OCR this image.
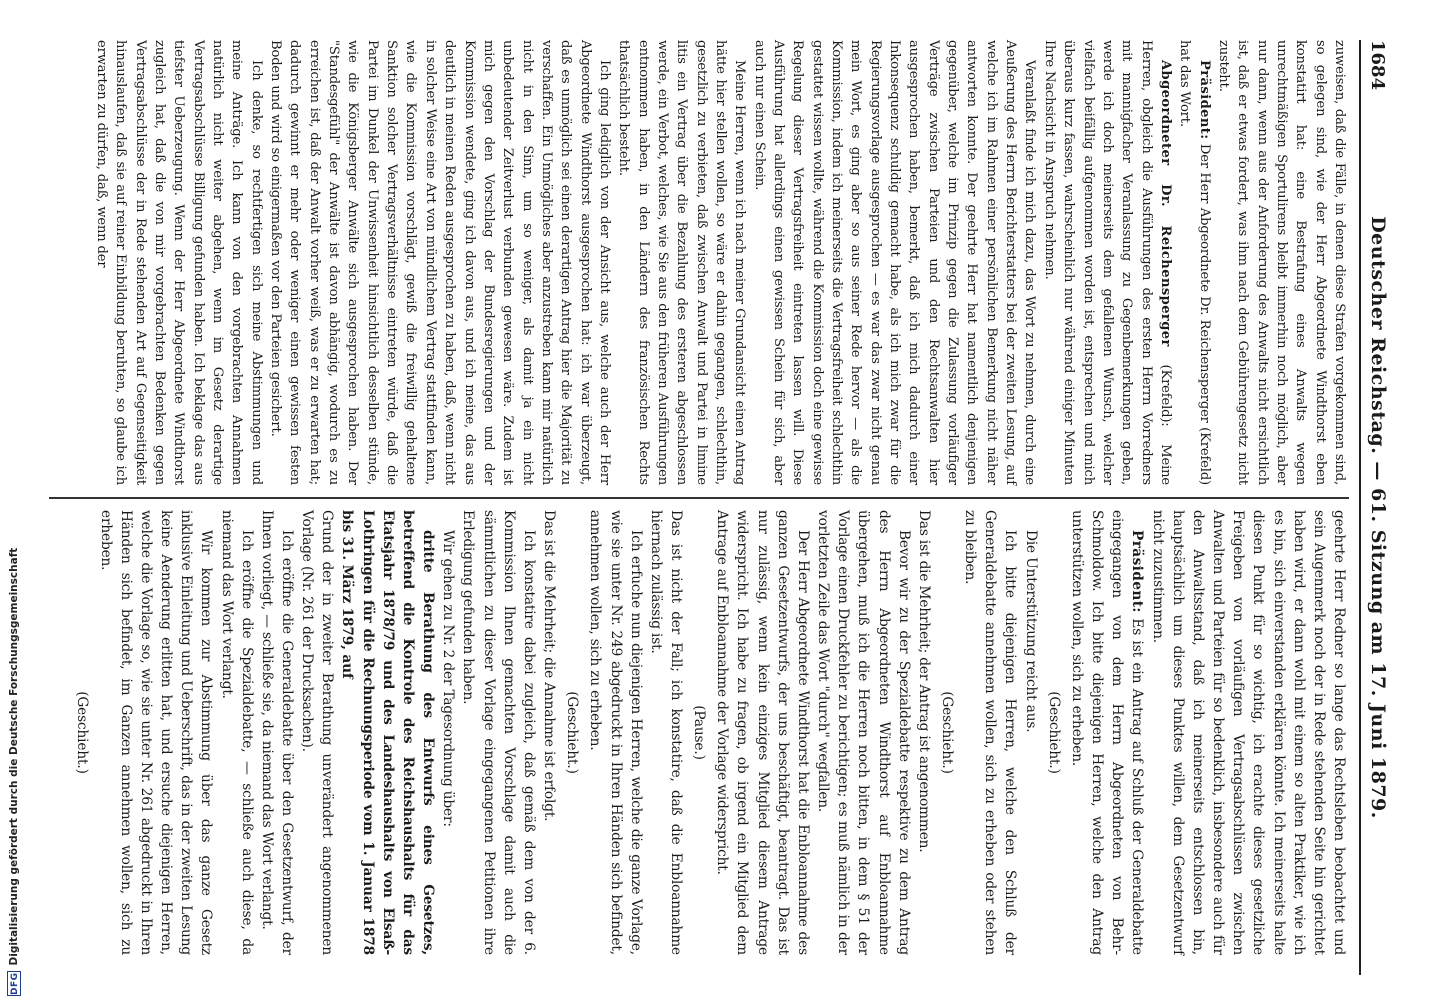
1684
Deutscher Reichstag. — 61. Sitzung am 17. Juni 1879.

zuweisen, daß die Fälle, in denen diese Strafen vorgekommen sind, so gelegen sind, wie der Herr Abgeordnete Windthorst eben konstatirt hat: eine Bestrafung eines Anwalts wegen unrechtmäßigen Sportulirens bleibt immerhin noch möglich, aber nur dann, wenn aus der Anforderung des Anwalts nicht ersichtlich ist, daß er etwas fordert, was ihm nach dem Gebührengesetz nicht zusteht.

Präsident: Der Herr Abgeordnete Dr. Reichensperger (Krefeld) hat das Wort.

Abgeordneter Dr. Reichensperger (Krefeld): Meine Herren, obgleich die Ausführungen des ersten Herrn Vorredners mit mannigfacher Veranlassung zu Gegenbemerkungen geben, werde ich doch meinerseits dem gefallenen Wunsch, welcher vielfach beifällig aufgenommen worden ist, entsprechen und mich überaus kurz fassen, wahrscheinlich nur während einiger Minuten Ihre Nachsicht in Anspruch nehmen.

Veranlaßt finde ich mich dazu, das Wort zu nehmen, durch eine Aeußerung des Herrn Berichterstatters bei der zweiten Lesung, auf welche ich im Rahmen einer persönlichen Bemerkung nicht näher antworten konnte. Der geehrte Herr hat namentlich denjenigen gegenüber, welche im Prinzip gegen die Zulassung vorläufiger Verträge zwischen Parteien und den Rechtsanwalten hier ausgesprochen haben, bemerkt, daß ich mich dadurch einer Inkonsequenz schuldig gemacht habe, als ich mich zwar für die Regierungsvorlage ausgesprochen — es war das zwar nicht genau mein Wort, es ging aber so aus seiner Rede hervor — als die Kommission, indem ich meinerseits die Vertragsfreiheit schlechthin gestattet wissen wollte, während die Kommission doch eine gewisse Regelung dieser Vertragsfreiheit eintreten lassen will. Diese Ausführung hat allerdings einen gewissen Schein für sich, aber auch nur einen Schein.

Meine Herren, wenn ich nach meiner Grundansicht einen Antrag hätte hier stellen wollen, so wäre er dahin gegangen, schlechthin, gesetzlich zu verbieten, daß zwischen Anwalt und Partei in limine litis ein Vertrag über die Bezahlung des ersteren abgeschlossen werde, ein Verbot, welches, wie Sie aus den früheren Ausführungen entnommen haben, in den Ländern des französischen Rechts thatsächlich besteht.

Ich ging lediglich von der Ansicht aus, welche auch der Herr Abgeordnete Windthorst ausgesprochen hat: ich war überzeugt, daß es unmöglich sei einen derartigen Antrag hier die Majorität zu verschaffen. Ein Unmögliches aber anzustreben kann mir natürlich nicht in den Sinn, um so weniger, als damit ja ein nicht unbedeutender Zeitverlust verbunden gewesen wäre. Zudem ist mich gegen den Vorschlag der Bundesregierungen und der Kommission wendete, ging ich davon aus, und ich meine, das aus deutlich in meinen Reden ausgesprochen zu haben, daß, wenn nicht in solcher Weise eine Art von mündlichem Vertrag stattfinden kann, wie die Kommission vorschlägt, gewiß die freiwillig gehaltene Sanktion solcher Vertragsverhältnisse eintreten würde, daß die Partei im Dunkel der Unwissenheit hinsichtlich desselben stünde, wie die Königsberger Anwälte sich ausgesprochen haben. Der "Standesgefühl" der Anwälte ist davon abhängig, wodurch es zu erreichen ist, daß der Anwalt vorher weiß, was er zu erwarten hat; dadurch gewinnt er mehr oder weniger einen gewissen festen Boden und wird so einigermaßen vor den Parteien gesichert.

Ich denke, so rechtfertigen sich meine Abstimmungen und meine Anträge. Ich kann von den vorgebrachten Annahmen natürlich nicht weiter abgehen, wenn im Gesetz derartige Vertragsabschlüsse Billigung gefunden haben. Ich beklage das aus tiefster Ueberzeugung. Wenn der Herr Abgeordnete Windthorst zugleich hat, daß die von mir vorgebrachten Bedenken gegen Vertragsabschlüsse der in Rede stehenden Art auf Gegenseitigkeit hinauslaufen, daß sie auf reiner Einbildung beruhten, so glaube ich erwarten zu dürfen, daß, wenn der

geehrte Herr Redner so lange das Rechtsleben beobachtet und sein Augenmerk noch der in Rede stehenden Seite hin gerichtet haben wird, er dann wohl mit einem so alten Praktiker, wie ich es bin, sich einverstanden erklären könnte. Ich meinerseits halte diesen Punkt für so wichtig, ich erachte dieses gesetzliche Freigeben von vorläufigen Vertragsabschlüssen zwischen Anwalten und Parteien für so bedenklich, insbesondere auch für den Anwaltsstand, daß ich meinerseits entschlossen bin, hauptsächlich um dieses Punktes willen, dem Gesetzentwurf nicht zuzustimmen.

Präsident: Es ist ein Antrag auf Schluß der Generaldebatte eingegangen von dem Herrn Abgeordneten von Behr-Schmoldow. Ich bitte diejenigen Herren, welche den Antrag unterstützen wollen, sich zu erheben.

(Geschieht.)

Die Unterstützung reicht aus.

Ich bitte diejenigen Herren, welche den Schluß der Generaldebatte annehmen wollen, sich zu erheben oder stehen zu bleiben.

(Geschieht.)

Das ist die Mehrheit; der Antrag ist angenommen.

Bevor wir zu der Spezialdebatte respektive zu dem Antrag des Herrn Abgeordneten Windthorst auf Enbloannahme übergehen, muß ich die Herren noch bitten, in dem § 51 der Vorlage einen Druckfehler zu berichtigen; es muß nämlich in der vorletzten Zeile das Wort "durch" wegfallen.

Der Herr Abgeordnete Windthorst hat die Enbloannahme des ganzen Gesetzentwurfs, der uns beschäftigt, beantragt. Das ist nur zulässig, wenn kein einziges Mitglied diesem Antrage widerspricht. Ich habe zu fragen, ob irgend ein Mitglied dem Antrage auf Enbloannahme der Vorlage widerspricht.

(Pause.)

Das ist nicht der Fall; ich konstatire, daß die Enbloannahme hiernach zulässig ist.

Ich erfuche nun diejenigen Herren, welche die ganze Vorlage, wie sie unter Nr. 249 abgedruckt in Ihren Händen sich befindet, annehmen wollen, sich zu erheben.

(Geschieht.)

Das ist die Mehrheit; die Annahme ist erfolgt.

Ich konstatire dabei zugleich, daß gemäß dem von der 6. Kommission Ihnen gemachten Vorschlage damit auch die sämmtlichen zu dieser Vorlage eingegangenen Petitionen ihre Erledigung gefunden haben.

Wir gehen zu Nr. 2 der Tagesordnung über:

dritte Berathung des Entwurfs eines Gesetzes, betreffend die Kontrole des Reichshaushalts für das Etatsjahr 1878/79 und des Landeshaushalts von Elsaß-Lothringen für die Rechnungsperiode vom 1. Januar 1878 bis 31. März 1879, auf

Grund der in zweiter Berathung unverändert angenommenen Vorlage (Nr. 261 der Drucksachen).

Ich eröffne die Generaldebatte über den Gesetzentwurf, der Ihnen vorliegt, — schließe sie, da niemand das Wort verlangt.

Ich eröffne die Spezialdebatte, — schließe auch diese, da niemand das Wort verlangt.

Wir kommen zur Abstimmung über das ganze Gesetz inklusive Einleitung und Ueberschrift, das in der zweiten Lesung keine Aenderung erlitten hat, und ersuche diejenigen Herren, welche die Vorlage so, wie sie unter Nr. 261 abgedruckt in Ihren Händen sich befindet, im Ganzen annehmen wollen, sich zu erheben.

(Geschieht.)

DFG
Digitalisierung gefördert durch die Deutsche Forschungsgemeinschaft
